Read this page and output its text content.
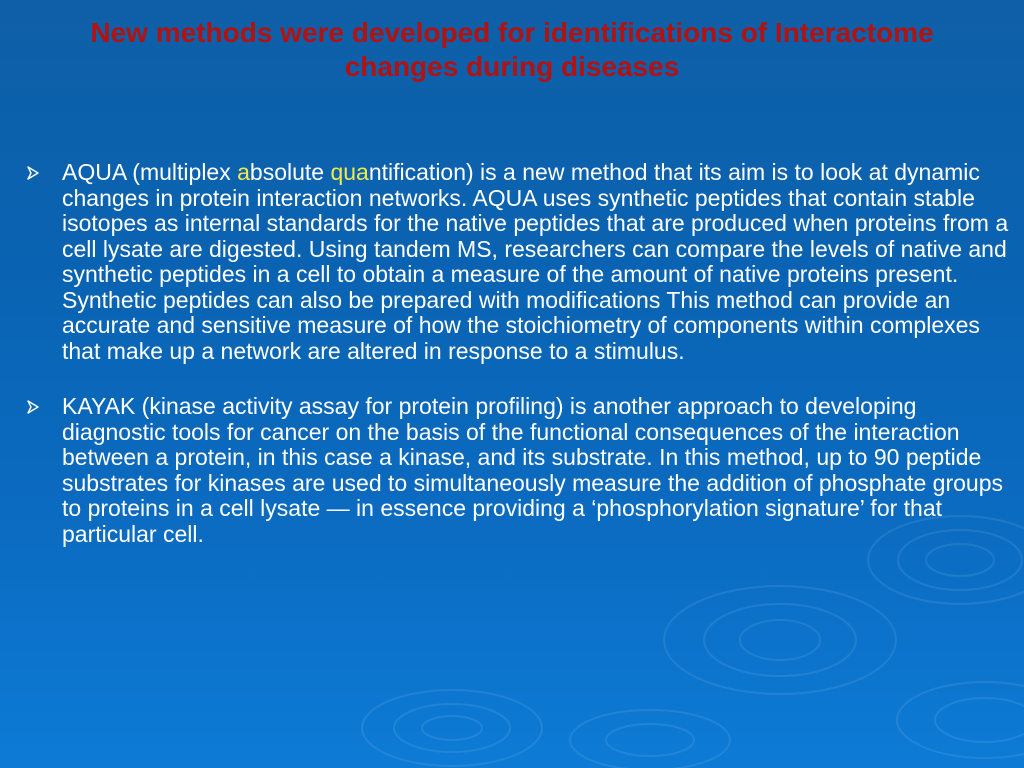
New methods were developed for identifications of Interactome changes during diseases
AQUA (multiplex absolute quantification) is a new method that its aim is to look at dynamic changes in protein interaction networks. AQUA uses synthetic peptides that contain stable isotopes as internal standards for the native peptides that are produced when proteins from a cell lysate are digested. Using tandem MS, researchers can compare the levels of native and synthetic peptides in a cell to obtain a measure of the amount of native proteins present. Synthetic peptides can also be prepared with modifications This method can provide an accurate and sensitive measure of how the stoichiometry of components within complexes that make up a network are altered in response to a stimulus.
KAYAK (kinase activity assay for protein profiling) is another approach to developing diagnostic tools for cancer on the basis of the functional consequences of the interaction between a protein, in this case a kinase, and its substrate. In this method, up to 90 peptide substrates for kinases are used to simultaneously measure the addition of phosphate groups to proteins in a cell lysate — in essence providing a ‘phosphorylation signature’ for that particular cell.
